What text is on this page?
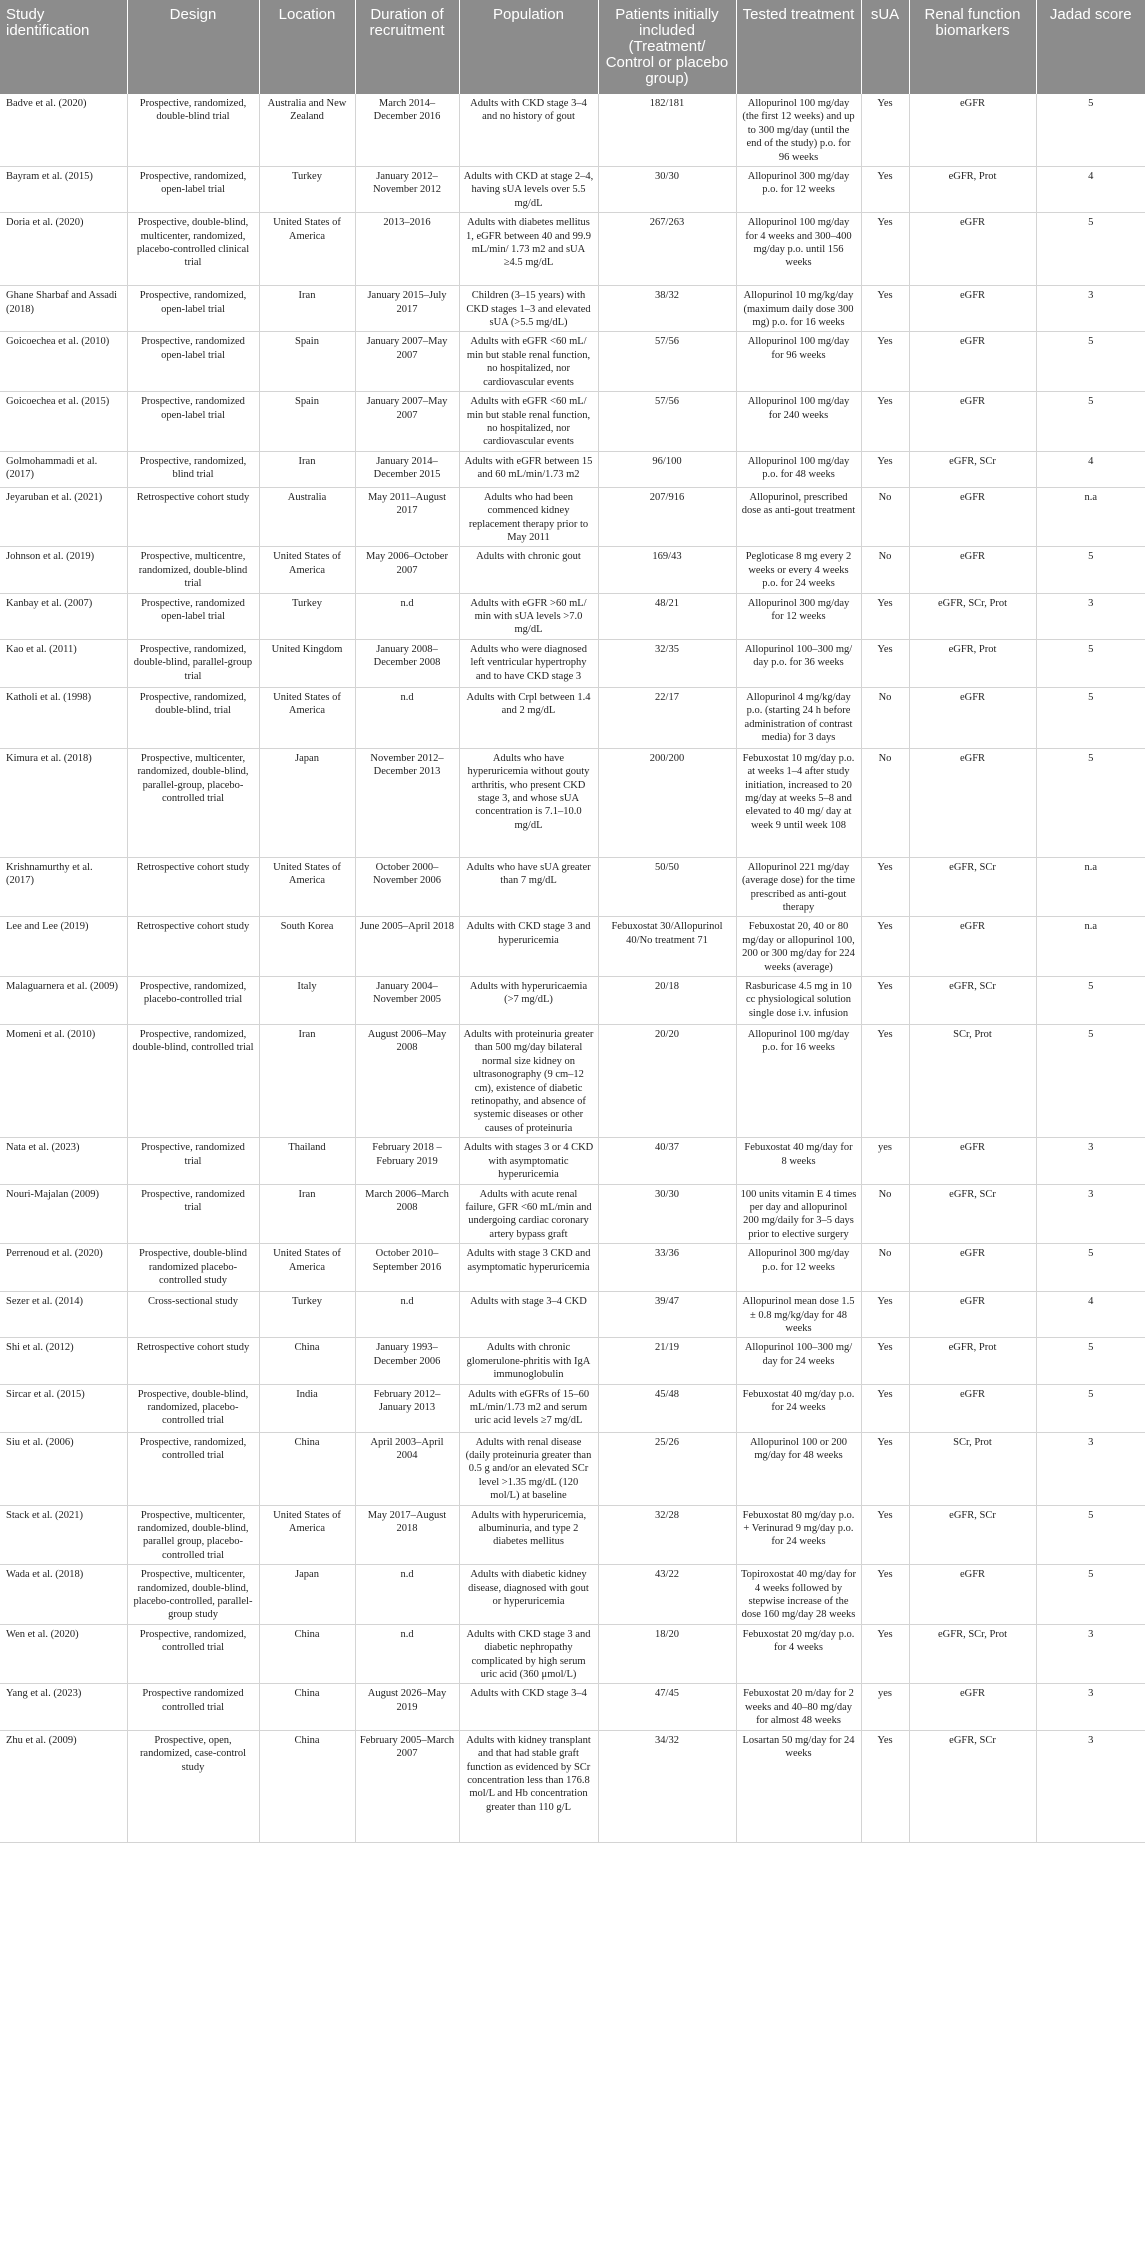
Study identification	Design	Location	Duration of recruitment	Population	Patients initially included (Treatment/ Control or placebo group)	Tested treatment	sUA	Renal function biomarkers	Jadad score
Badve et al. (2020)	Prospective, randomized, double-blind trial	Australia and New Zealand	March 2014–December 2016	Adults with CKD stage 3–4 and no history of gout	182/181	Allopurinol 100 mg/day (the first 12 weeks) and up to 300 mg/day (until the end of the study) p.o. for 96 weeks	Yes	eGFR	5
Bayram et al. (2015)	Prospective, randomized, open-label trial	Turkey	January 2012–November 2012	Adults with CKD at stage 2–4, having sUA levels over 5.5 mg/dL	30/30	Allopurinol 300 mg/day p.o. for 12 weeks	Yes	eGFR, Prot	4
Doria et al. (2020)	Prospective, double-blind, multicenter, randomized, placebo-controlled clinical trial	United States of America	2013–2016	Adults with diabetes mellitus 1, eGFR between 40 and 99.9 mL/min/ 1.73 m2 and sUA ≥4.5 mg/dL	267/263	Allopurinol 100 mg/day for 4 weeks and 300–400 mg/day p.o. until 156 weeks	Yes	eGFR	5
Ghane Sharbaf and Assadi (2018)	Prospective, randomized, open-label trial	Iran	January 2015–July 2017	Children (3–15 years) with CKD stages 1–3 and elevated sUA (>5.5 mg/dL)	38/32	Allopurinol 10 mg/kg/day (maximum daily dose 300 mg) p.o. for 16 weeks	Yes	eGFR	3
Goicoechea et al. (2010)	Prospective, randomized open-label trial	Spain	January 2007–May 2007	Adults with eGFR <60 mL/ min but stable renal function, no hospitalized, nor cardiovascular events	57/56	Allopurinol 100 mg/day for 96 weeks	Yes	eGFR	5
Goicoechea et al. (2015)	Prospective, randomized open-label trial	Spain	January 2007–May 2007	Adults with eGFR <60 mL/ min but stable renal function, no hospitalized, nor cardiovascular events	57/56	Allopurinol 100 mg/day for 240 weeks	Yes	eGFR	5
Golmohammadi et al. (2017)	Prospective, randomized, blind trial	Iran	January 2014–December 2015	Adults with eGFR between 15 and 60 mL/min/1.73 m2	96/100	Allopurinol 100 mg/day p.o. for 48 weeks	Yes	eGFR, SCr	4
Jeyaruban et al. (2021)	Retrospective cohort study	Australia	May 2011–August 2017	Adults who had been commenced kidney replacement therapy prior to May 2011	207/916	Allopurinol, prescribed dose as anti-gout treatment	No	eGFR	n.a
Johnson et al. (2019)	Prospective, multicentre, randomized, double-blind trial	United States of America	May 2006–October 2007	Adults with chronic gout	169/43	Pegloticase 8 mg every 2 weeks or every 4 weeks p.o. for 24 weeks	No	eGFR	5
Kanbay et al. (2007)	Prospective, randomized open-label trial	Turkey	n.d	Adults with eGFR >60 mL/ min with sUA levels >7.0 mg/dL	48/21	Allopurinol 300 mg/day for 12 weeks	Yes	eGFR, SCr, Prot	3
Kao et al. (2011)	Prospective, randomized, double-blind, parallel-group trial	United Kingdom	January 2008–December 2008	Adults who were diagnosed left ventricular hypertrophy and to have CKD stage 3	32/35	Allopurinol 100–300 mg/ day p.o. for 36 weeks	Yes	eGFR, Prot	5
Katholi et al. (1998)	Prospective, randomized, double-blind, trial	United States of America	n.d	Adults with Crpl between 1.4 and 2 mg/dL	22/17	Allopurinol 4 mg/kg/day p.o. (starting 24 h before administration of contrast media) for 3 days	No	eGFR	5
Kimura et al. (2018)	Prospective, multicenter, randomized, double-blind, parallel-group, placebo-controlled trial	Japan	November 2012–December 2013	Adults who have hyperuricemia without gouty arthritis, who present CKD stage 3, and whose sUA concentration is 7.1–10.0 mg/dL	200/200	Febuxostat 10 mg/day p.o. at weeks 1–4 after study initiation, increased to 20 mg/day at weeks 5–8 and elevated to 40 mg/ day at week 9 until week 108	No	eGFR	5
Krishnamurthy et al. (2017)	Retrospective cohort study	United States of America	October 2000–November 2006	Adults who have sUA greater than 7 mg/dL	50/50	Allopurinol 221 mg/day (average dose) for the time prescribed as anti-gout therapy	Yes	eGFR, SCr	n.a
Lee and Lee (2019)	Retrospective cohort study	South Korea	June 2005–April 2018	Adults with CKD stage 3 and hyperuricemia	Febuxostat 30/Allopurinol 40/No treatment 71	Febuxostat 20, 40 or 80 mg/day or allopurinol 100, 200 or 300 mg/day for 224 weeks (average)	Yes	eGFR	n.a
Malaguarnera et al. (2009)	Prospective, randomized, placebo-controlled trial	Italy	January 2004–November 2005	Adults with hyperuricaemia (>7 mg/dL)	20/18	Rasburicase 4.5 mg in 10 cc physiological solution single dose i.v. infusion	Yes	eGFR, SCr	5
Momeni et al. (2010)	Prospective, randomized, double-blind, controlled trial	Iran	August 2006–May 2008	Adults with proteinuria greater than 500 mg/day bilateral normal size kidney on ultrasonography (9 cm–12 cm), existence of diabetic retinopathy, and absence of systemic diseases or other causes of proteinuria	20/20	Allopurinol 100 mg/day p.o. for 16 weeks	Yes	SCr, Prot	5
Nata et al. (2023)	Prospective, randomized trial	Thailand	February 2018 –February 2019	Adults with stages 3 or 4 CKD with asymptomatic hyperuricemia	40/37	Febuxostat 40 mg/day for 8 weeks	yes	eGFR	3
Nouri-Majalan (2009)	Prospective, randomized trial	Iran	March 2006–March 2008	Adults with acute renal failure, GFR <60 mL/min and undergoing cardiac coronary artery bypass graft	30/30	100 units vitamin E 4 times per day and allopurinol 200 mg/daily for 3–5 days prior to elective surgery	No	eGFR, SCr	3
Perrenoud et al. (2020)	Prospective, double-blind randomized placebo-controlled study	United States of America	October 2010–September 2016	Adults with stage 3 CKD and asymptomatic hyperuricemia	33/36	Allopurinol 300 mg/day p.o. for 12 weeks	No	eGFR	5
Sezer et al. (2014)	Cross-sectional study	Turkey	n.d	Adults with stage 3–4 CKD	39/47	Allopurinol mean dose 1.5 ± 0.8 mg/kg/day for 48 weeks	Yes	eGFR	4
Shi et al. (2012)	Retrospective cohort study	China	January 1993–December 2006	Adults with chronic glomerulone-phritis with IgA immunoglobulin	21/19	Allopurinol 100–300 mg/ day for 24 weeks	Yes	eGFR, Prot	5
Sircar et al. (2015)	Prospective, double-blind, randomized, placebo-controlled trial	India	February 2012–January 2013	Adults with eGFRs of 15–60 mL/min/1.73 m2 and serum uric acid levels ≥7 mg/dL	45/48	Febuxostat 40 mg/day p.o. for 24 weeks	Yes	eGFR	5
Siu et al. (2006)	Prospective, randomized, controlled trial	China	April 2003–April 2004	Adults with renal disease (daily proteinuria greater than 0.5 g and/or an elevated SCr level >1.35 mg/dL (120 mol/L) at baseline	25/26	Allopurinol 100 or 200 mg/day for 48 weeks	Yes	SCr, Prot	3
Stack et al. (2021)	Prospective, multicenter, randomized, double-blind, parallel group, placebo-controlled trial	United States of America	May 2017–August 2018	Adults with hyperuricemia, albuminuria, and type 2 diabetes mellitus	32/28	Febuxostat 80 mg/day p.o. + Verinurad 9 mg/day p.o. for 24 weeks	Yes	eGFR, SCr	5
Wada et al. (2018)	Prospective, multicenter, randomized, double-blind, placebo-controlled, parallel-group study	Japan	n.d	Adults with diabetic kidney disease, diagnosed with gout or hyperuricemia	43/22	Topiroxostat 40 mg/day for 4 weeks followed by stepwise increase of the dose 160 mg/day 28 weeks	Yes	eGFR	5
Wen et al. (2020)	Prospective, randomized, controlled trial	China	n.d	Adults with CKD stage 3 and diabetic nephropathy complicated by high serum uric acid (360 μmol/L)	18/20	Febuxostat 20 mg/day p.o. for 4 weeks	Yes	eGFR, SCr, Prot	3
Yang et al. (2023)	Prospective randomized controlled trial	China	August 2026–May 2019	Adults with CKD stage 3–4	47/45	Febuxostat 20 m/day for 2 weeks and 40–80 mg/day for almost 48 weeks	yes	eGFR	3
Zhu et al. (2009)	Prospective, open, randomized, case-control study	China	February 2005–March 2007	Adults with kidney transplant and that had stable graft function as evidenced by SCr concentration less than 176.8 mol/L and Hb concentration greater than 110 g/L	34/32	Losartan 50 mg/day for 24 weeks	Yes	eGFR, SCr	3
